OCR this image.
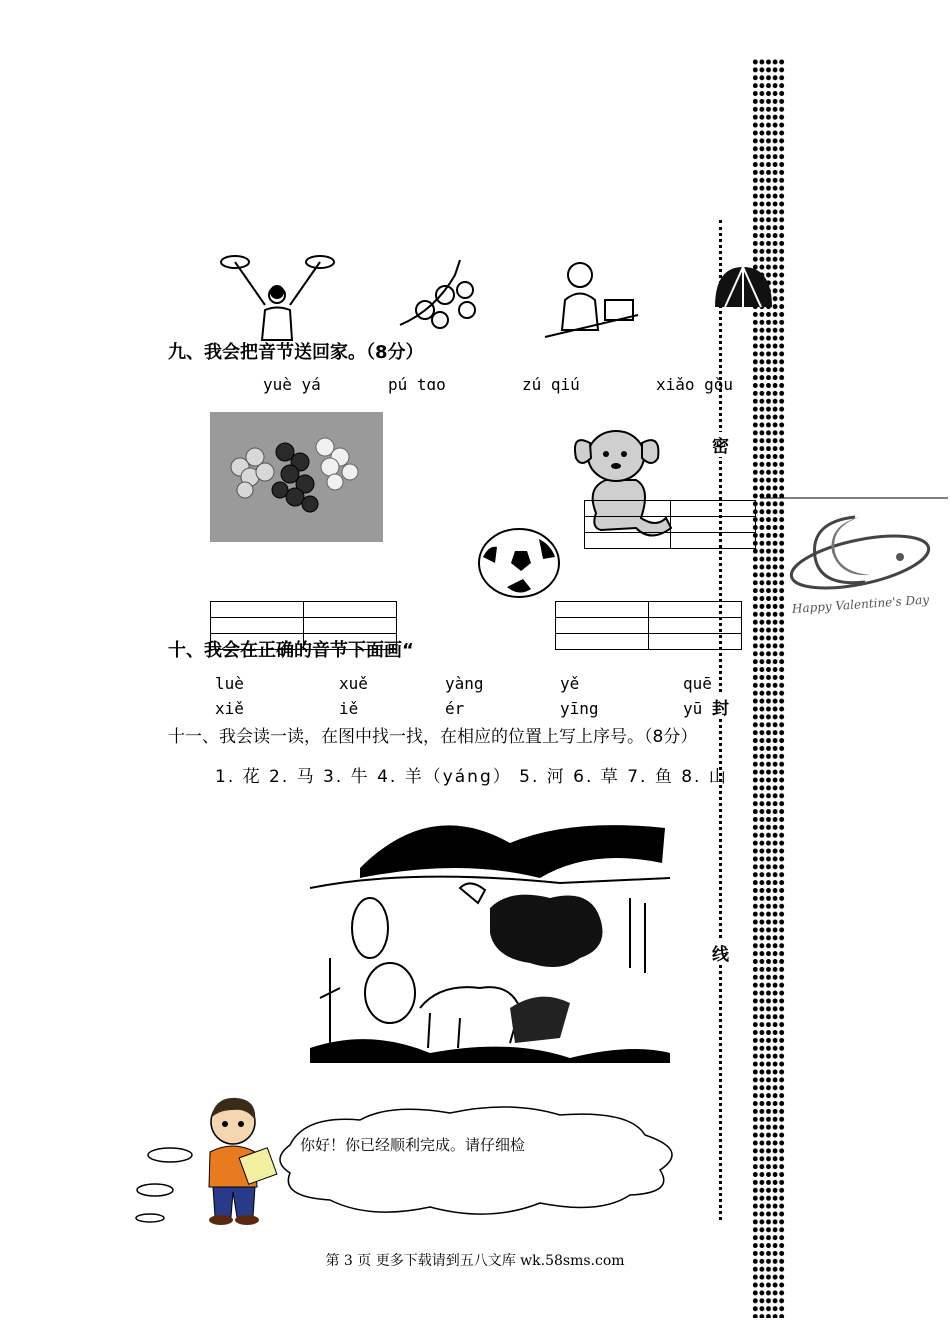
密
封
线
九、我会把音节送回家。（8分）
yuè yá	pú tɑo	zú qiú	xiǎo gǒu

Happy Valentine's Day
十、我会在正确的音节下面画“
luè	xuě	yàng	yě	quē
xiě	iě	ér	yīng	yū
十一、我会读一读，在图中找一找，在相应的位置上写上序号。（8分）
1. 花 2. 马 3. 牛 4. 羊（yáng） 5. 河 6. 草 7. 鱼 8. 山
你好！你已经顺利完成。请仔细检
第 3 页 更多下载请到五八文库 wk.58sms.com
